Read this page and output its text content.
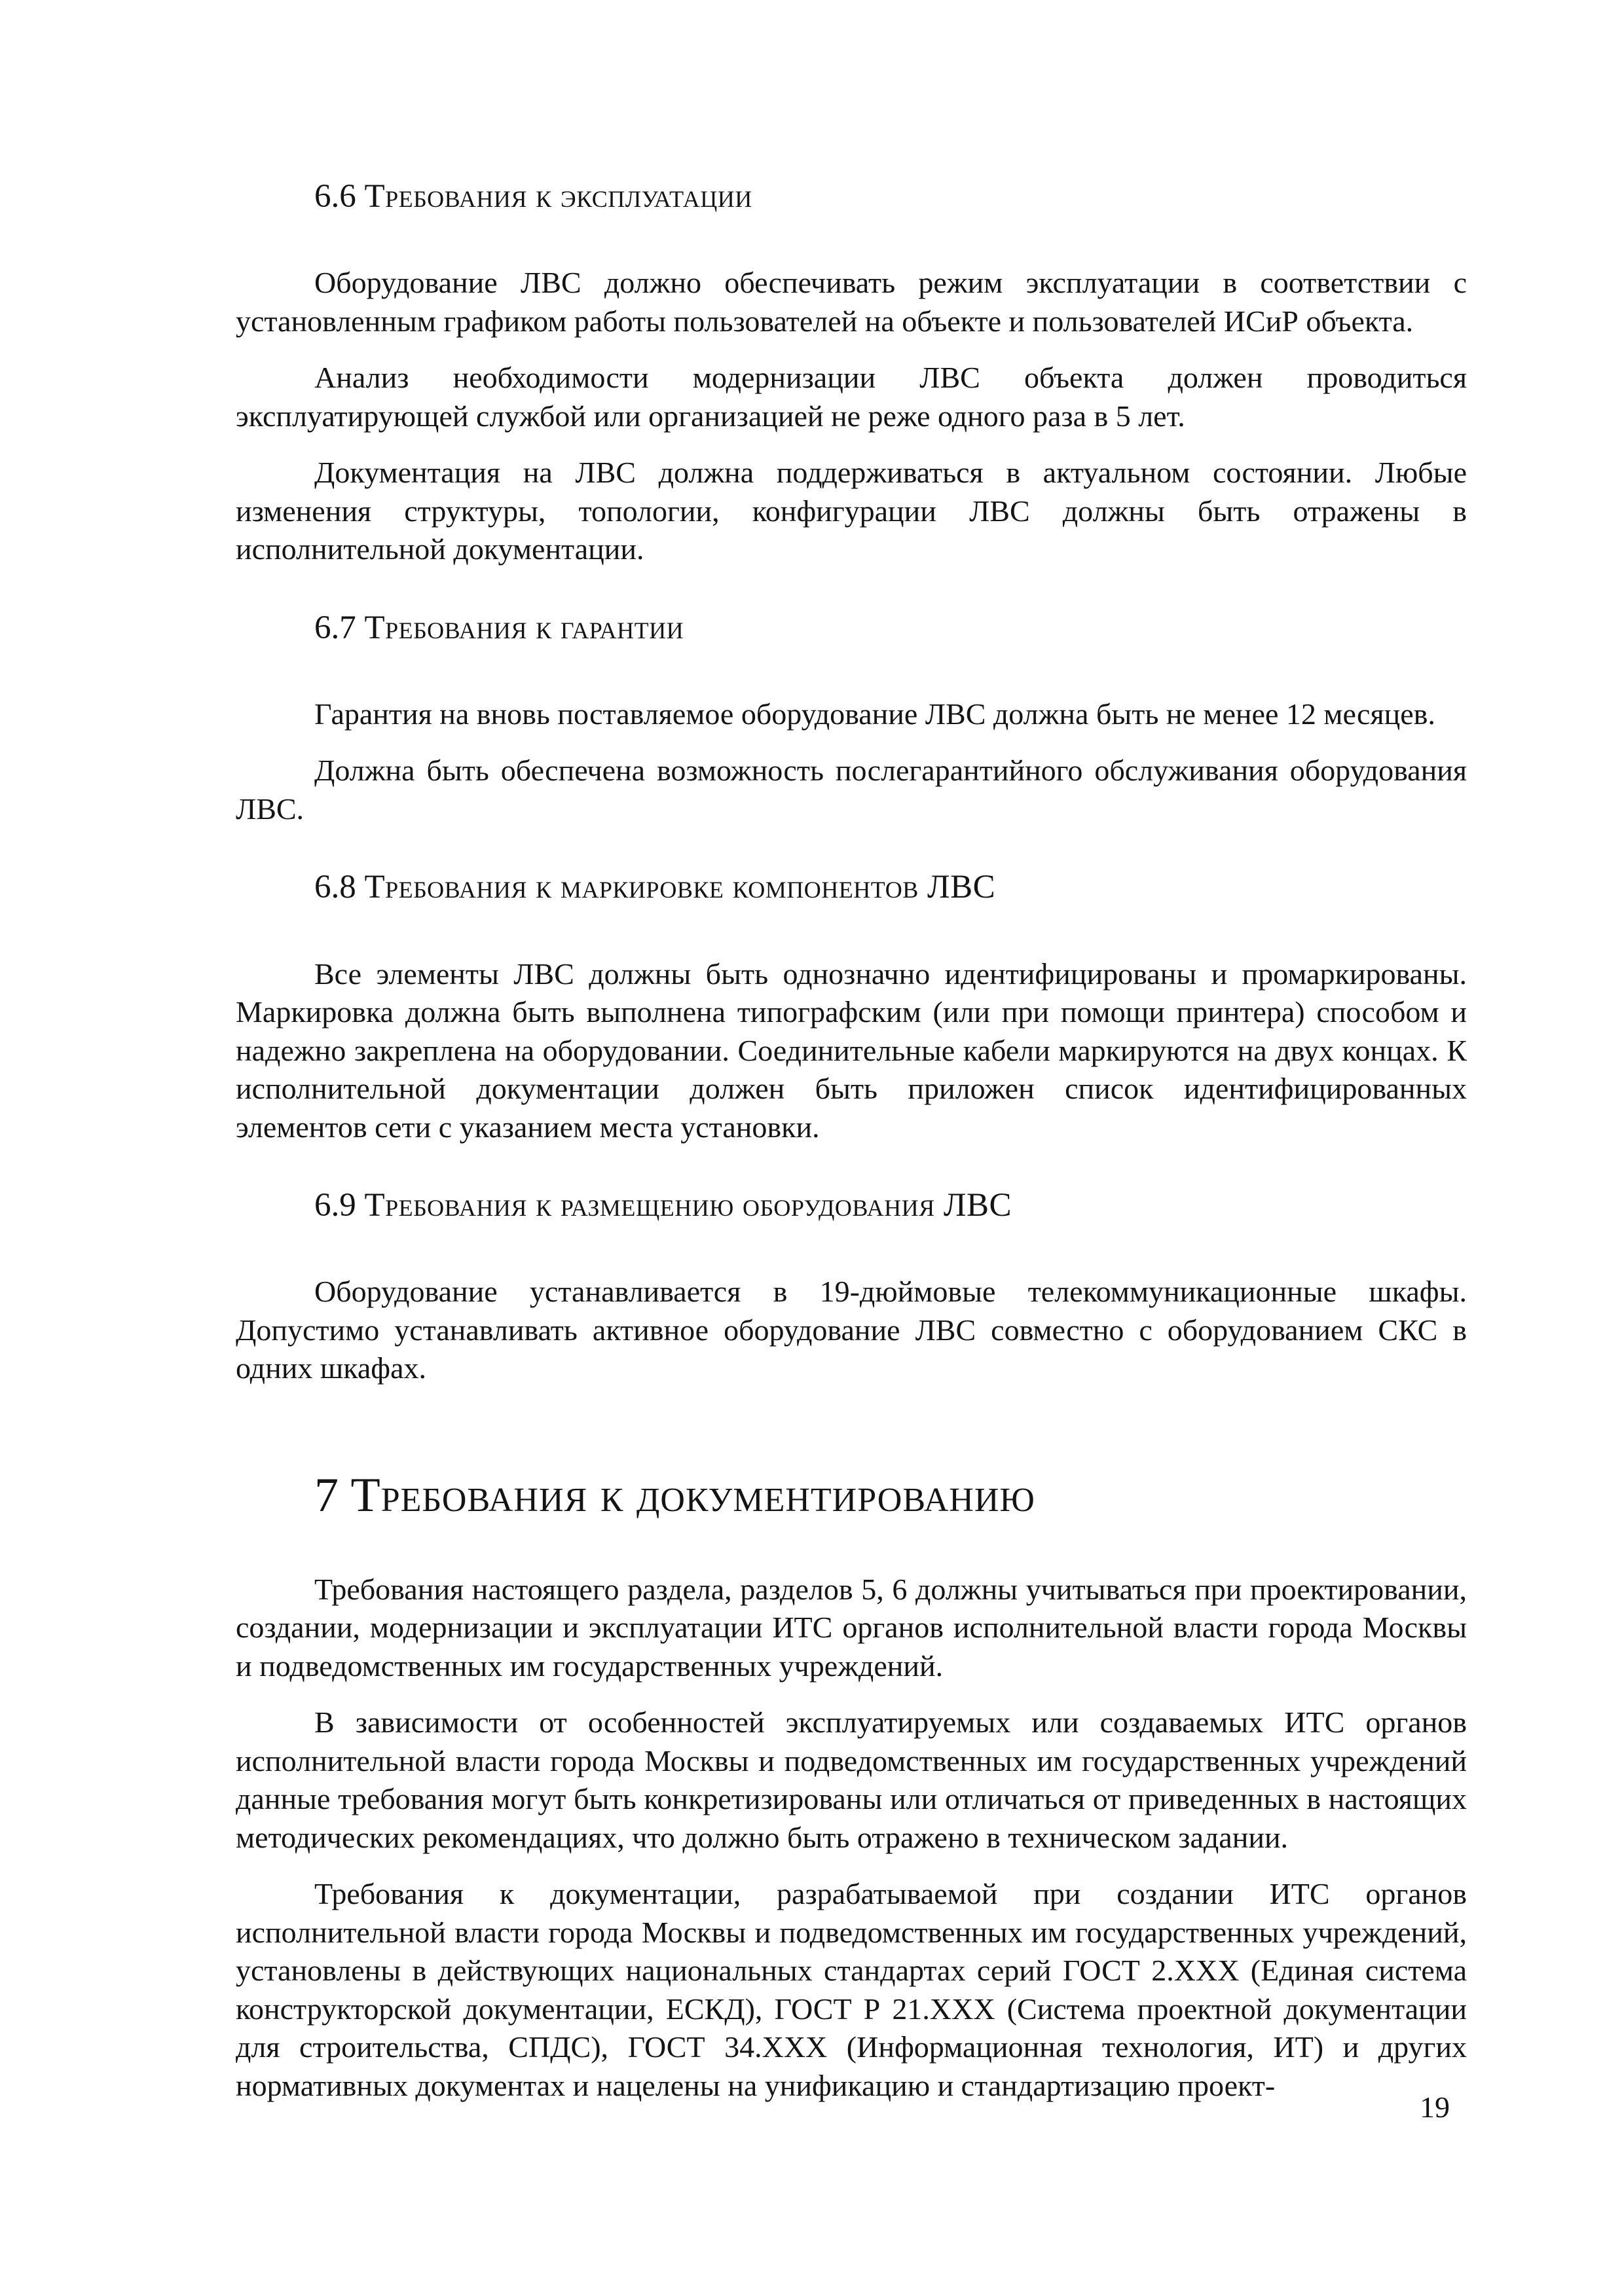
6.6 Требования к эксплуатации

Оборудование ЛВС должно обеспечивать режим эксплуатации в соответствии с установленным графиком работы пользователей на объекте и пользователей ИСиР объекта.

Анализ необходимости модернизации ЛВС объекта должен проводиться эксплуатирующей службой или организацией не реже одного раза в 5 лет.

Документация на ЛВС должна поддерживаться в актуальном состоянии. Любые изменения структуры, топологии, конфигурации ЛВС должны быть отражены в исполнительной документации.

6.7 Требования к гарантии

Гарантия на вновь поставляемое оборудование ЛВС должна быть не менее 12 месяцев.

Должна быть обеспечена возможность послегарантийного обслуживания оборудования ЛВС.

6.8 Требования к маркировке компонентов ЛВС

Все элементы ЛВС должны быть однозначно идентифицированы и промаркированы. Маркировка должна быть выполнена типографским (или при помощи принтера) способом и надежно закреплена на оборудовании. Соединительные кабели маркируются на двух концах. К исполнительной документации должен быть приложен список идентифицированных элементов сети с указанием места установки.

6.9 Требования к размещению оборудования ЛВС

Оборудование устанавливается в 19-дюймовые телекоммуникационные шкафы. Допустимо устанавливать активное оборудование ЛВС совместно с оборудованием СКС в одних шкафах.

7 Требования к документированию

Требования настоящего раздела, разделов 5, 6 должны учитываться при проектировании, создании, модернизации и эксплуатации ИТС органов исполнительной власти города Москвы и подведомственных им государственных учреждений.

В зависимости от особенностей эксплуатируемых или создаваемых ИТС органов исполнительной власти города Москвы и подведомственных им государственных учреждений данные требования могут быть конкретизированы или отличаться от приведенных в настоящих методических рекомендациях, что должно быть отражено в техническом задании.

Требования к документации, разрабатываемой при создании ИТС органов исполнительной власти города Москвы и подведомственных им государственных учреждений, установлены в действующих национальных стандартах серий ГОСТ 2.XXX (Единая система конструкторской документации, ЕСКД), ГОСТ Р 21.XXX (Система проектной документации для строительства, СПДС), ГОСТ 34.XXX (Информационная технология, ИТ) и других нормативных документах и нацелены на унификацию и стандартизацию проект-

19
